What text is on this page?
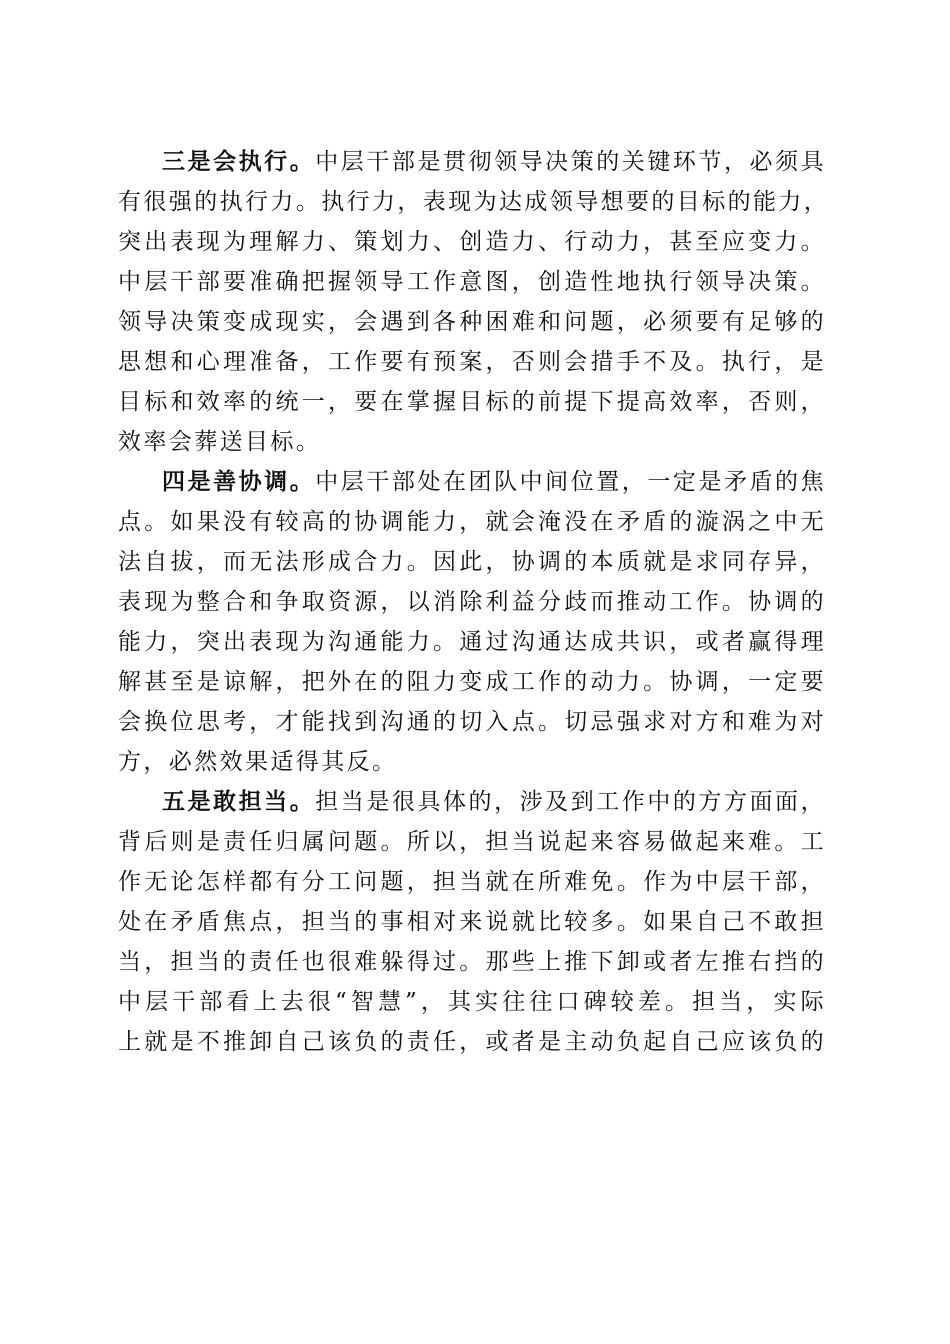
三是会执行。中层干部是贯彻领导决策的关键环节，必须具
有很强的执行力。执行力，表现为达成领导想要的目标的能力，
突出表现为理解力、策划力、创造力、行动力，甚至应变力。
中层干部要准确把握领导工作意图，创造性地执行领导决策。
领导决策变成现实，会遇到各种困难和问题，必须要有足够的
思想和心理准备，工作要有预案，否则会措手不及。执行，是
目标和效率的统一，要在掌握目标的前提下提高效率，否则，
效率会葬送目标。
四是善协调。中层干部处在团队中间位置，一定是矛盾的焦
点。如果没有较高的协调能力，就会淹没在矛盾的漩涡之中无
法自拔，而无法形成合力。因此，协调的本质就是求同存异，
表现为整合和争取资源，以消除利益分歧而推动工作。协调的
能力，突出表现为沟通能力。通过沟通达成共识，或者赢得理
解甚至是谅解，把外在的阻力变成工作的动力。协调，一定要
会换位思考，才能找到沟通的切入点。切忌强求对方和难为对
方，必然效果适得其反。
五是敢担当。担当是很具体的，涉及到工作中的方方面面，
背后则是责任归属问题。所以，担当说起来容易做起来难。工
作无论怎样都有分工问题，担当就在所难免。作为中层干部，
处在矛盾焦点，担当的事相对来说就比较多。如果自己不敢担
当，担当的责任也很难躲得过。那些上推下卸或者左推右挡的
中层干部看上去很“智慧”，其实往往口碑较差。担当，实际
上就是不推卸自己该负的责任，或者是主动负起自己应该负的
